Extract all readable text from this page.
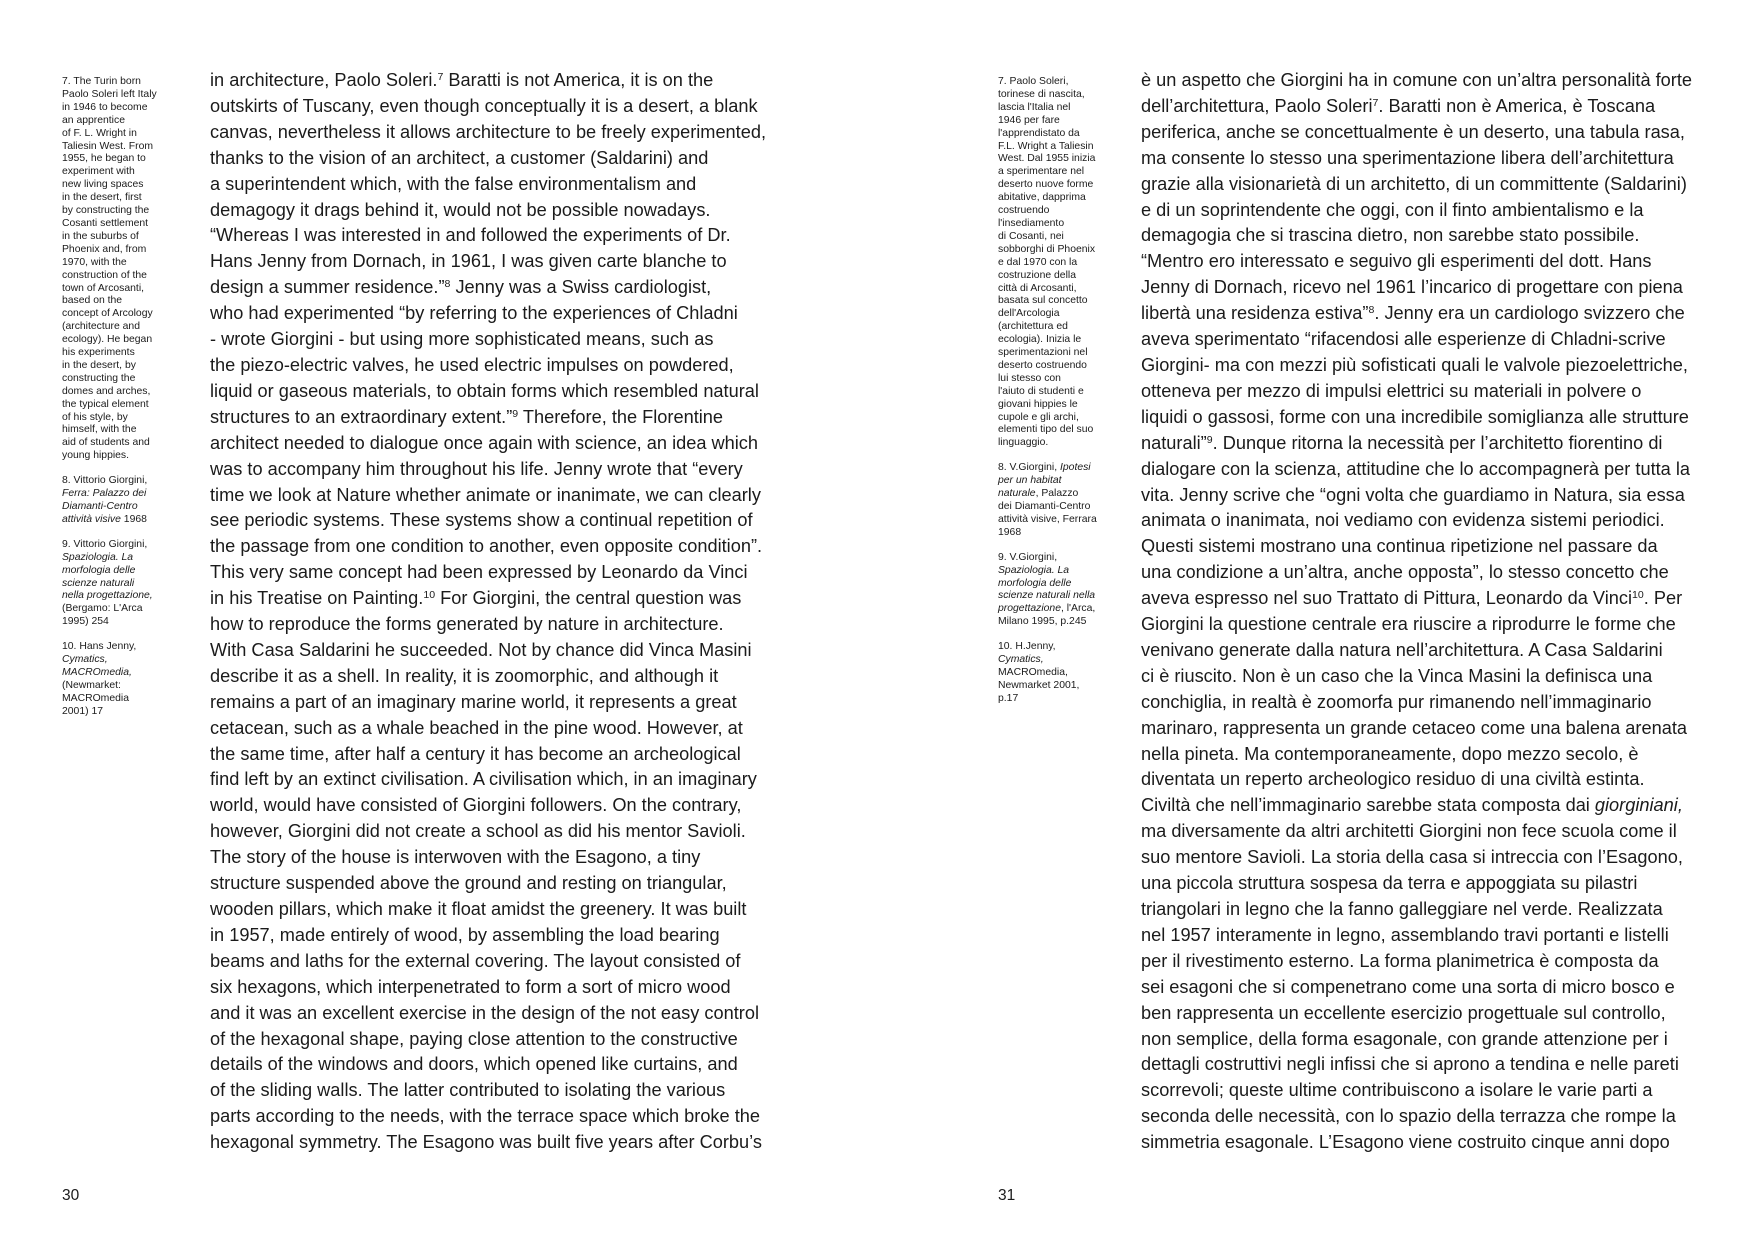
7. The Turin born
Paolo Soleri left Italy
in 1946 to become
an apprentice
of F. L. Wright in
Taliesin West. From
1955, he began to
experiment with
new living spaces
in the desert, first
by constructing the
Cosanti settlement
in the suburbs of
Phoenix and, from
1970, with the
construction of the
town of Arcosanti,
based on the
concept of Arcology
(architecture and
ecology). He began
his experiments
in the desert, by
constructing the
domes and arches,
the typical element
of his style, by
himself, with the
aid of students and
young hippies.
8. Vittorio Giorgini,
Ferra: Palazzo dei
Diamanti-Centro
attività visive 1968
9. Vittorio Giorgini,
Spaziologia. La
morfologia delle
scienze naturali
nella progettazione,
(Bergamo: L'Arca
1995) 254
10. Hans Jenny,
Cymatics,
MACROmedia,
(Newmarket:
MACROmedia
2001) 17
in architecture, Paolo Soleri.$^7$ Baratti is not America, it is on the
outskirts of Tuscany, even though conceptually it is a desert, a blank
canvas, nevertheless it allows architecture to be freely experimented,
thanks to the vision of an architect, a customer (Saldarini) and
a superintendent which, with the false environmentalism and
demagogy it drags behind it, would not be possible nowadays.
“Whereas I was interested in and followed the experiments of Dr.
Hans Jenny from Dornach, in 1961, I was given carte blanche to
design a summer residence.”$^8$ Jenny was a Swiss cardiologist,
who had experimented “by referring to the experiences of Chladni
- wrote Giorgini - but using more sophisticated means, such as
the piezo-electric valves, he used electric impulses on powdered,
liquid or gaseous materials, to obtain forms which resembled natural
structures to an extraordinary extent.”$^9$ Therefore, the Florentine
architect needed to dialogue once again with science, an idea which
was to accompany him throughout his life. Jenny wrote that “every
time we look at Nature whether animate or inanimate, we can clearly
see periodic systems. These systems show a continual repetition of
the passage from one condition to another, even opposite condition”.
This very same concept had been expressed by Leonardo da Vinci
in his Treatise on Painting.$^{10}$ For Giorgini, the central question was
how to reproduce the forms generated by nature in architecture.
With Casa Saldarini he succeeded. Not by chance did Vinca Masini
describe it as a shell. In reality, it is zoomorphic, and although it
remains a part of an imaginary marine world, it represents a great
cetacean, such as a whale beached in the pine wood. However, at
the same time, after half a century it has become an archeological
find left by an extinct civilisation. A civilisation which, in an imaginary
world, would have consisted of Giorgini followers. On the contrary,
however, Giorgini did not create a school as did his mentor Savioli.
The story of the house is interwoven with the Esagono, a tiny
structure suspended above the ground and resting on triangular,
wooden pillars, which make it float amidst the greenery. It was built
in 1957, made entirely of wood, by assembling the load bearing
beams and laths for the external covering. The layout consisted of
six hexagons, which interpenetrated to form a sort of micro wood
and it was an excellent exercise in the design of the not easy control
of the hexagonal shape, paying close attention to the constructive
details of the windows and doors, which opened like curtains, and
of the sliding walls. The latter contributed to isolating the various
parts according to the needs, with the terrace space which broke the
hexagonal symmetry. The Esagono was built five years after Corbu’s
30
7. Paolo Soleri,
torinese di nascita,
lascia l'Italia nel
1946 per fare
l'apprendistato da
F.L. Wright a Taliesin
West. Dal 1955 inizia
a sperimentare nel
deserto nuove forme
abitative, dapprima
costruendo
l'insediamento
di Cosanti, nei
sobborghi di Phoenix
e dal 1970 con la
costruzione della
città di Arcosanti,
basata sul concetto
dell'Arcologia
(architettura ed
ecologia). Inizia le
sperimentazioni nel
deserto costruendo
lui stesso con
l'aiuto di studenti e
giovani hippies le
cupole e gli archi,
elementi tipo del suo
linguaggio.
8. V.Giorgini, Ipotesi
per un habitat
naturale, Palazzo
dei Diamanti-Centro
attività visive, Ferrara
1968
9. V.Giorgini,
Spaziologia. La
morfologia delle
scienze naturali nella
progettazione, l'Arca,
Milano 1995, p.245
10. H.Jenny,
Cymatics,
MACROmedia,
Newmarket 2001,
p.17
è un aspetto che Giorgini ha in comune con un’altra personalità forte
dell’architettura, Paolo Soleri$^7$. Baratti non è America, è Toscana
periferica, anche se concettualmente è un deserto, una tabula rasa,
ma consente lo stesso una sperimentazione libera dell’architettura
grazie alla visionarietà di un architetto, di un committente (Saldarini)
e di un soprintendente che oggi, con il finto ambientalismo e la
demagogia che si trascina dietro, non sarebbe stato possibile.
“Mentro ero interessato e seguivo gli esperimenti del dott. Hans
Jenny di Dornach, ricevo nel 1961 l’incarico di progettare con piena
libertà una residenza estiva”$^8$. Jenny era un cardiologo svizzero che
aveva sperimentato “rifacendosi alle esperienze di Chladni-scrive
Giorgini- ma con mezzi più sofisticati quali le valvole piezoelettriche,
otteneva per mezzo di impulsi elettrici su materiali in polvere o
liquidi o gassosi, forme con una incredibile somiglianza alle strutture
naturali”$^9$. Dunque ritorna la necessità per l’architetto fiorentino di
dialogare con la scienza, attitudine che lo accompagnerà per tutta la
vita. Jenny scrive che “ogni volta che guardiamo in Natura, sia essa
animata o inanimata, noi vediamo con evidenza sistemi periodici.
Questi sistemi mostrano una continua ripetizione nel passare da
una condizione a un’altra, anche opposta”, lo stesso concetto che
aveva espresso nel suo Trattato di Pittura, Leonardo da Vinci$^{10}$. Per
Giorgini la questione centrale era riuscire a riprodurre le forme che
venivano generate dalla natura nell’architettura. A Casa Saldarini
ci è riuscito. Non è un caso che la Vinca Masini la definisca una
conchiglia, in realtà è zoomorfa pur rimanendo nell’immaginario
marinaro, rappresenta un grande cetaceo come una balena arenata
nella pineta. Ma contemporaneamente, dopo mezzo secolo, è
diventata un reperto archeologico residuo di una civiltà estinta.
Civiltà che nell’immaginario sarebbe stata composta dai giorginiani,
ma diversamente da altri architetti Giorgini non fece scuola come il
suo mentore Savioli. La storia della casa si intreccia con l’Esagono,
una piccola struttura sospesa da terra e appoggiata su pilastri
triangolari in legno che la fanno galleggiare nel verde. Realizzata
nel 1957 interamente in legno, assemblando travi portanti e listelli
per il rivestimento esterno. La forma planimetrica è composta da
sei esagoni che si compenetrano come una sorta di micro bosco e
ben rappresenta un eccellente esercizio progettuale sul controllo,
non semplice, della forma esagonale, con grande attenzione per i
dettagli costruttivi negli infissi che si aprono a tendina e nelle pareti
scorrevoli; queste ultime contribuiscono a isolare le varie parti a
seconda delle necessità, con lo spazio della terrazza che rompe la
simmetria esagonale. L’Esagono viene costruito cinque anni dopo
31
